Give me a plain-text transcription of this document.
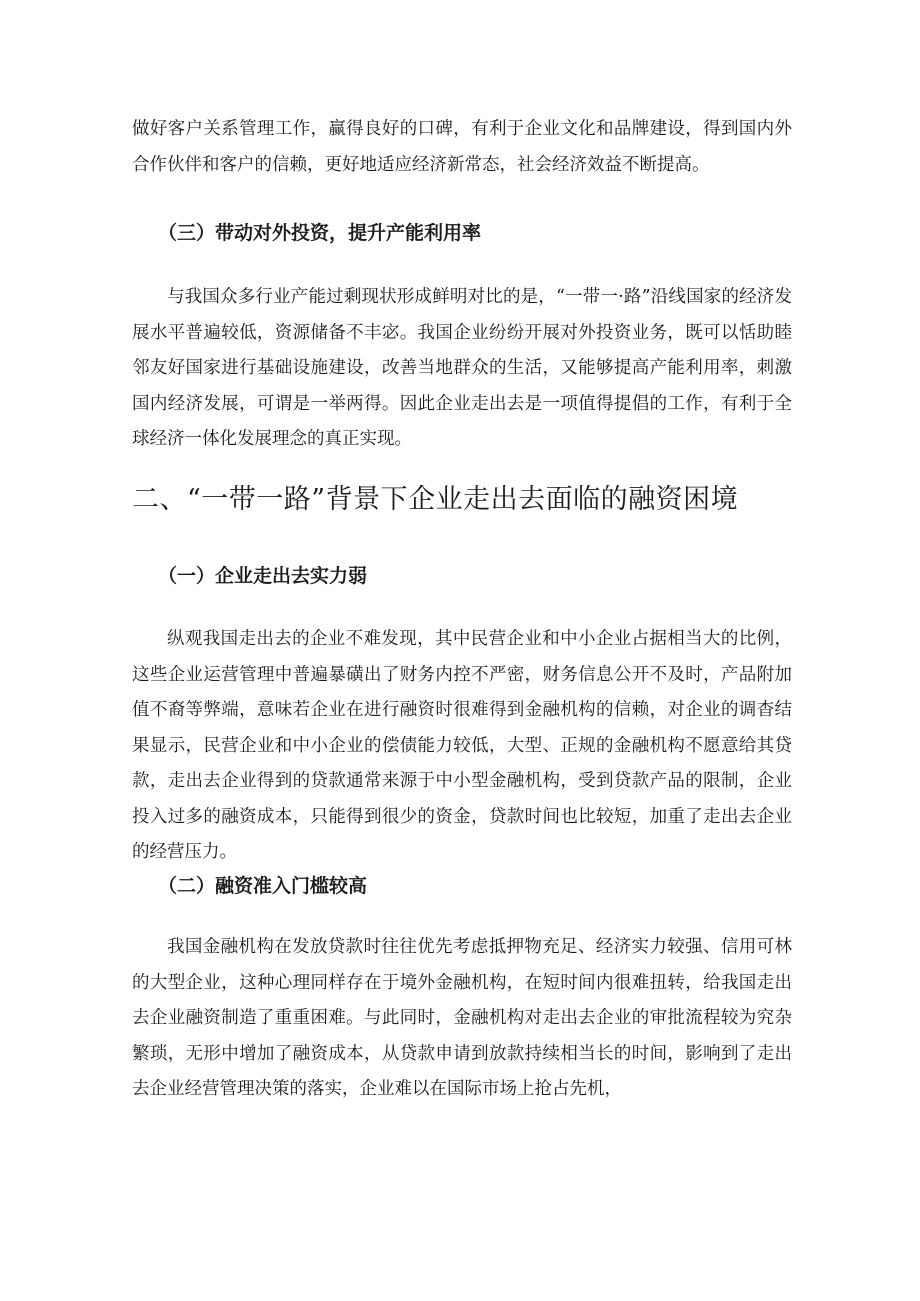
做好客户关系管理工作，赢得良好的口碑，有利于企业文化和品牌建设，得到国内外合作伙伴和客户的信赖，更好地适应经济新常态，社会经济效益不断提高。

（三）带动对外投资，提升产能利用率

与我国众多行业产能过剩现状形成鲜明对比的是，“一带一·路”沿线国家的经济发展水平普遍较低，资源储备不丰宓。我国企业纷纷开展对外投资业务，既可以恬助睦邻友好国家进行基础设施建设，改善当地群众的生活，又能够提高产能利用率，刺激国内经济发展，可谓是一举两得。因此企业走出去是一项值得提倡的工作，有利于全球经济一体化发展理念的真正实现。

二、“一带一路”背景下企业走出去面临的融资困境
（一）企业走出去实力弱

纵观我国走出去的企业不难发现，其中民营企业和中小企业占据相当大的比例，这些企业运营管理中普遍暴磺出了财务内控不严密，财务信息公开不及时，产品附加值不裔等弊端，意味若企业在进行融资时很难得到金融机构的信赖，对企业的调杳结果显示，民营企业和中小企业的偿债能力较低，大型、正规的金融机构不愿意给其贷款，走出去企业得到的贷款通常来源于中小型金融机构，受到贷款产品的限制，企业投入过多的融资成本，只能得到很少的资金，贷款时间也比较短，加重了走出去企业的经营压力。

（二）融资准入门槛较高

我国金融机构在发放贷款时往往优先考虑抵押物充足、经济实力较强、信用可林的大型企业，这种心理同样存在于境外金融机构，在短时间内很难扭转，给我国走出去企业融资制造了重重困难。与此同时，金融机构对走出去企业的审批流程较为究杂繁琐，无形中增加了融资成本，从贷款申请到放款持续相当长的时间，影响到了走出去企业经营管理决策的落实，企业难以在国际市场上抢占先机，
